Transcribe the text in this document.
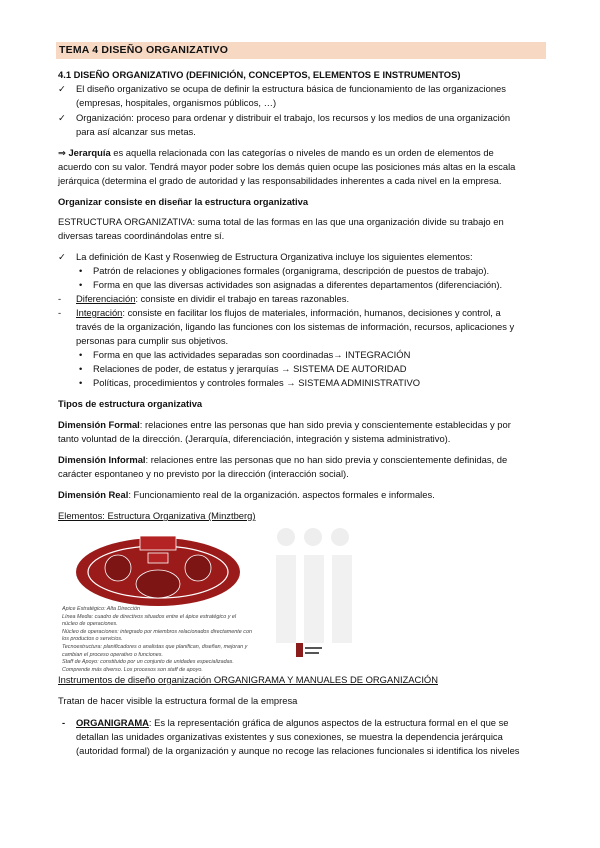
TEMA 4 DISEÑO ORGANIZATIVO
4.1 DISEÑO ORGANIZATIVO (DEFINICIÓN, CONCEPTOS, ELEMENTOS E INSTRUMENTOS)
✓ El diseño organizativo se ocupa de definir la estructura básica de funcionamiento de las organizaciones
(empresas, hospitales, organismos públicos, …)
✓ Organización: proceso para ordenar y distribuir el trabajo, los recursos y los medios de una organización
para así alcanzar sus metas.
⇒ Jerarquía es aquella relacionada con las categorías o niveles de mando es un orden de elementos de
acuerdo con su valor. Tendrá mayor poder sobre los demás quien ocupe las posiciones más altas en la escala
jerárquica (determina el grado de autoridad y las responsabilidades inherentes a cada nivel en la empresa.
Organizar consiste en diseñar la estructura organizativa
ESTRUCTURA ORGANIZATIVA: suma total de las formas en las que una organización divide su trabajo en
diversas tareas coordinándolas entre sí.
✓ La definición de Kast y Rosenwieg de Estructura Organizativa incluye los siguientes elementos:
• Patrón de relaciones y obligaciones formales (organigrama, descripción de puestos de trabajo).
• Forma en que las diversas actividades son asignadas a diferentes departamentos (diferenciación).
- Diferenciación: consiste en dividir el trabajo en tareas razonables.
- Integración: consiste en facilitar los flujos de materiales, información, humanos, decisiones y control, a
través de la organización, ligando las funciones con los sistemas de información, recursos, aplicaciones y
personas para cumplir sus objetivos.
• Forma en que las actividades separadas son coordinadas→ INTEGRACIÓN
• Relaciones de poder, de estatus y jerarquías → SISTEMA DE AUTORIDAD
• Políticas, procedimientos y controles formales → SISTEMA ADMINISTRATIVO
Tipos de estructura organizativa
Dimensión Formal: relaciones entre las personas que han sido previa y conscientemente establecidas y por
tanto voluntad de la dirección. (Jerarquía, diferenciación, integración y sistema administrativo).
Dimensión Informal: relaciones entre las personas que no han sido previa y conscientemente definidas, de
carácter espontaneo y no previsto por la dirección (interacción social).
Dimensión Real: Funcionamiento real de la organización. aspectos formales e informales.
Elementos: Estructura Organizativa (Minztberg)
Ápice Estratégico: Alta Dirección
Línea Media: cuadro de directivos situados entre el ápice estratégico y el
núcleo de operaciones.
Núcleo de operaciones: integrado por miembros relacionados directamente con
los productos o servicios.
Tecnoestructura: planificadores o analistas que planifican, diseñan, mejoran y
cambian el proceso operativo o funciones.
Staff de Apoyo: constituido por un conjunto de unidades especializadas.
Comprende más diverso. Los procesos son staff de apoyo.
Instrumentos de diseño organización ORGANIGRAMA Y MANUALES DE ORGANIZACIÓN
Tratan de hacer visible la estructura formal de la empresa
- ORGANIGRAMA: Es la representación gráfica de algunos aspectos de la estructura formal en el que se
detallan las unidades organizativas existentes y sus conexiones, se muestra la dependencia jerárquica
(autoridad formal) de la organización y aunque no recoge las relaciones funcionales si identifica los niveles
